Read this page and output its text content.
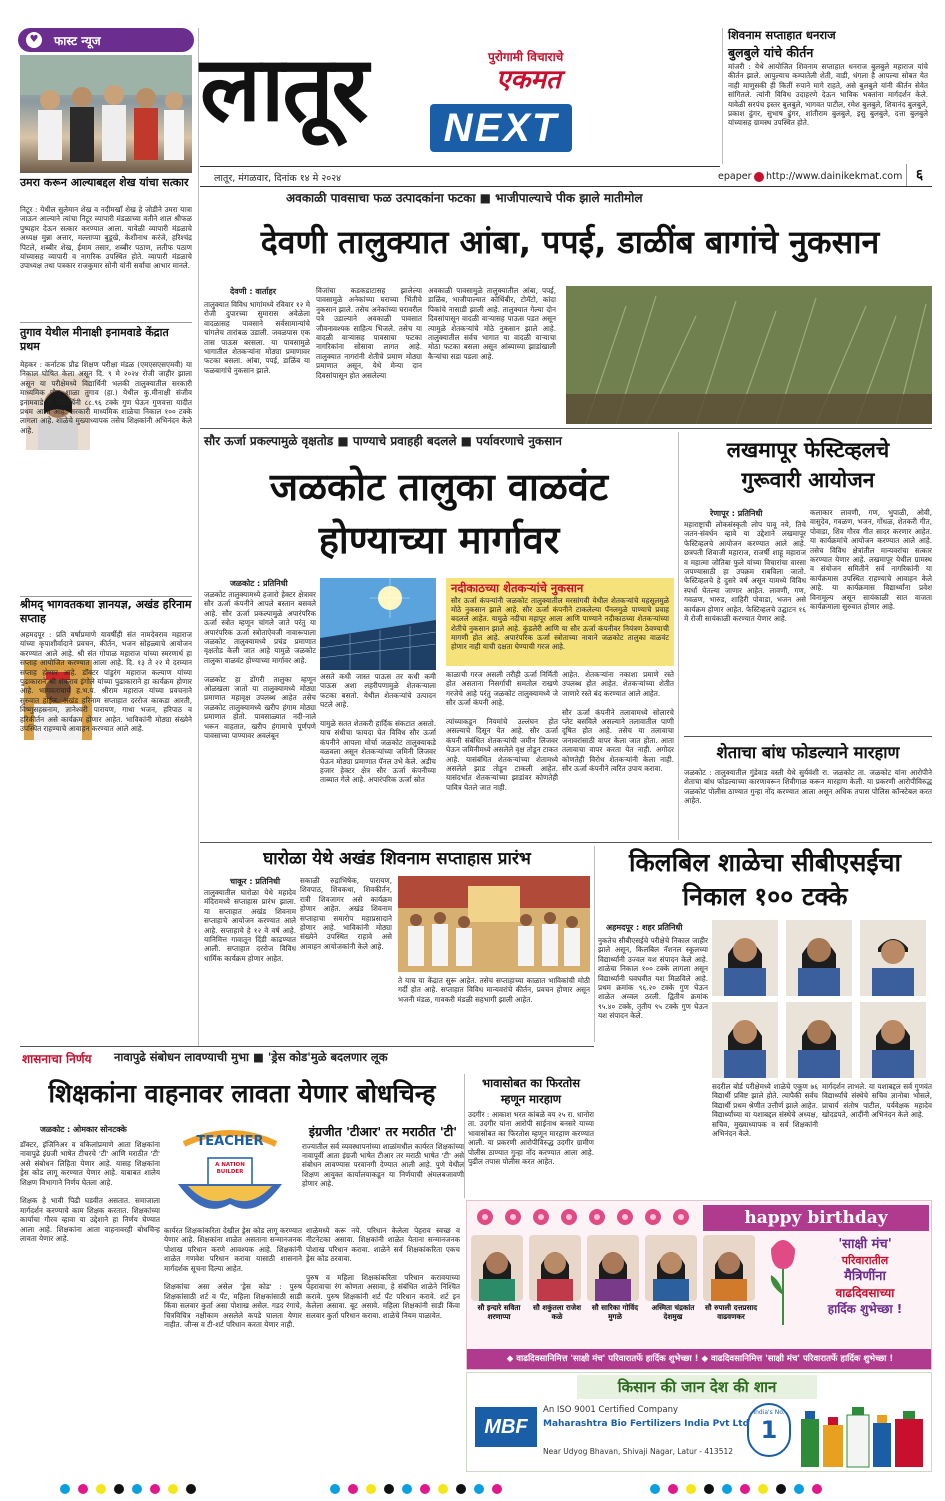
♥ फास्ट न्यूज
उमरा करून आल्याबद्दल शेख यांचा सत्कार
निटूर : येथील सुलेमान शेख व नदीमखाँ शेख हे जोडीने उमरा यात्रा जाऊन आल्याने त्यांचा निटूर व्यापारी मंडळाच्या वतीने शाल श्रीफळ पुष्पहार देऊन सत्कार करण्यात आला. यावेळी व्यापारी मंडळाचे अध्यक्ष मुन्ना अत्तार, मल्लाप्पा बुडूखे, केशीनाथ करंजे, हरिश्चंद्र पिटले, शब्बीर शेख, ईमाम तसार, शब्बीर पठाण, लतीफ पठाण यांच्यासह व्यापारी व नागरिक उपस्थित होते. व्यापारी मंडळाचे उपाध्यक्ष तथा पत्रकार राजकुमार सोनी यांनी सर्वांचा आभार मानले.
तुगाव येथील मीनाक्षी इनामवाडे केंद्रात प्रथम
मेहकर : कर्नाटक प्रौढ शिक्षण परीक्षा मंडळ (एमएसएसएमवी) या निकाल घोषित केला असून दि. ९ मे २०२४ रोजी जाहीर झाला असून या परीक्षेमध्ये विद्यार्थिनी भलकी तालुक्यातील सरकारी माध्यमिक प्रौढ शाळा तुगाव (हा.) येथील कु.मीनाक्षी संजीव इनामवाडे ही विद्यार्थिनी ८८.९६ टक्के गुण घेऊन गुणवत्ता यादीत प्रथम आली आहे. सरकारी माध्यमिक शाळेचा निकाल १०० टक्के लागला आहे. शाळेचे मुख्याध्यापक तसेच शिक्षकांनी अभिनंदन केले आहे.
श्रीमद् भागवतकथा ज्ञानयज्ञ, अखंड हरिनाम सप्ताह
अहमदपूर : प्रति वर्षाप्रमाणे यावर्षीही संत नामदेवराव महाराज यांच्या कृपाशीर्वादाने प्रवचन, कीर्तन, भजन सोहळ्याचे आयोजन करण्यात आले आहे. श्री संत गोपाळ महाराज यांच्या स्मरणार्थ हा सप्ताह आयोजित करण्यात आला आहे. दि. १३ ते २२ मे दरम्यान सप्ताह होणार आहे. डॉक्टर पांडुरंग महाराज कल्याण यांच्या पुढाकाराने श्री शंकराव इंगोले यांच्या पुढाकाराने हा कार्यक्रम होणार आहे. भागवताचार्य ह.भ.प. श्रीराम महाराज यांच्या प्रवचनाने सुरुवात होईल. अखंड हरिनाम सप्ताहात दररोज काकडा आरती, विष्णुसहस्रनाम, ज्ञानेश्वरी पारायण, गाथा भजन, हरिपाठ व हरिकीर्तन असे कार्यक्रम होणार आहेत. भाविकांनी मोठ्या संख्येने उपस्थित राहण्याचे आवाहन करण्यात आले आहे.
लातूर	पुरोगामी विचाराचे
एकमत
NEXT
लातूर, मंगळवार, दिनांक १४ मे २०२४	epaper http://www.dainikekmat.com ६
शिवनाम सप्ताहात धनराज
बुलबुले यांचे कीर्तन
मांजरी : येथे आयोजित शिवनाम सप्ताहात धनराज बुलबुले महाराज यांचे कीर्तन झाले. आपुल्याच कम्पातेली शेती, वाडी, धंगला है आपल्या सोबत येत नाही माणुसकी ही कितीं रुपाने मागे राहते, असे बुलबुले यांनी कीर्तन सेवेत सांगितले. त्यांनी विविध उदाहरणे देऊन भाविक भक्तांना मार्गदर्शन केले. यावेळी सरपंच इस्तर बुलबुले, भागवत पाटील, रमेश बुलबुले, शिवानंद बुलबुले, प्रकाश ढुंगर, सुभाष ढुंगर, शांतीराम बुलबुले, इसु बुलबुले, दत्ता बुलबुले यांच्यासह ग्रामस्थ उपस्थित होते.
अवकाळी पावसाचा फळ उत्पादकांना फटका ■ भाजीपाल्याचे पीक झाले मातीमोल
देवणी तालुक्यात आंबा, पपई, डाळींब बागांचे नुकसान
देवणी : वार्ताहर
तालुक्यात विविध भागांमध्ये रविवार १२ मे रोजी दुपारच्या सुमारास अवेळेला वादळासह पावसाने सर्वसामान्यांचे चांगलेच तारांबळ उडाली. जवळपास एक तास पाऊस बरसला. या पावसामुळे भागातील शेतकऱ्यांना मोठ्या प्रमाणावर फटका बसला. आंबा, पपई, डाळिंब या फळबागांचे नुकसान झाले.
विजांचा कडकडाटासह झालेल्या पावसामुळे अनेकांच्या घराच्या भिंतीचे नुकसान झाले. तसेच अनेकांच्या घरावरील पत्रे उडाल्याने अवकाळी पावसात जीवनावश्यक साहित्य भिजले. तसेच या वादळी वाऱ्यासह पावसाचा फटका नागरिकांना सोसावा लागत आहे. तालुक्यात नागरांनी शेतीचे प्रमाण मोठ्या प्रमाणात असून, येथे मेन्या दान दिवसांपासून होत असलेल्या
अवकाळी पावसामुळे तालुक्यातील आंबा, पपई, डाळिंब, भाजीपाल्यात कोथिंबीर, टोमॅटो, कांदा पिकांचे नासाडी झाली आहे. तालुक्यात गेल्या दोन दिवसांपासून वादळी वाऱ्यासह पाऊस पडत असून त्यामुळे शेतकऱ्यांचे मोठे नुकसान झाले आहे. तालुक्यातील सर्वच भागात या वादळी वाऱ्याचा मोठा फटका बसला असून आंब्याच्या झाडांखाली कैऱ्यांचा सडा पडला आहे.
सौर ऊर्जा प्रकल्पामुळे वृक्षतोड ■ पाण्याचे प्रवाहही बदलले ■ पर्यावरणाचे नुकसान
जळकोट तालुका वाळवंट
होण्याच्या मार्गावर
जळकोट : प्रतिनिधी
जळकोट तालुक्यामध्ये हजारो हेक्टर क्षेत्रावर सौर ऊर्जा कंपनीने आपले बस्तान बसवले आहे. सौर ऊर्जा प्रकल्पामुळे अपारंपरिक ऊर्जा स्त्रोत म्हणून चांगले जाते परंतु या अपारंपरिक ऊर्जा स्त्रोताऐवजी नावारूपाला जळकोट तालुक्यामध्ये प्रचंड प्रमाणात वृक्षतोड केली जात आहे यामुळे जळकोट तालुका वाळवंट होण्याच्या मार्गावर आहे.

जळकोट हा डोंगरी तालुका म्हणून ओळखला जातो या तालुक्यामध्ये मोठ्या प्रमाणात महावृक्ष उपलब्ध आहेत तसेच जळकोट तालुक्यामध्ये खरीप हंगाम मोठ्या प्रमाणात होतो. पावसाळ्यात नदी-नाले भरून वाहतात, खरीप हंगामाचे पूर्णपणे पावसाच्या पाण्यावर अवलंबून
असते कधी जास्त पाऊस तर कधी कमी पाऊस अशा लहरीपणामुळे शेतकऱ्याला फटका बसतो. येथील शेतकऱ्यांचे उत्पादन घटले आहे.

यामुळे सतत शेतकरी हार्दिक संकटात असतो. याच संधीचा फायदा घेत विविध सौर ऊर्जा कंपनीने आपला मोर्चा जळकोट तालुक्याकडे वळवला असून शेतकऱ्यांच्या जमिनी लिजवर घेऊन मोठ्या प्रमाणात पॅनल उभे केले. अडीच हजार हेक्टर क्षेत्र सौर ऊर्जा कंपनीच्या ताब्यात गेले आहे. अपारंपरिक ऊर्जा स्रोत
नदीकाठच्या शेतकऱ्यांचे नुकसान
सौर ऊर्जा कंपन्यांनी जळकोट तालुक्यातील मरसांगवी येथील शेतकऱ्यांचे महसूलमुळे मोठे नुकसान झाले आहे. सौर ऊर्जा कंपनीने टाकलेल्या पॅनलमुळे पाण्याचे प्रवाह बदलले आहेत. यामुळे नदीचा महापूर आला आणि पाण्याने नदीकाठच्या शेतकऱ्यांच्या शेतीचे नुकसान झाले आहे. कुंडलेरी आणि या सौर ऊर्जा कंपनीवर नियंत्रण ठेवण्याची मागणी होत आहे. अपारंपरिक ऊर्जा स्त्रोताच्या नावाने जळकोट तालुका वाळवंट होणार नाही याची दक्षता घेण्याची गरज आहे.
काळाची गरज असली तरीही ऊर्जा निर्मिती होत असताना निसर्गाची समतोल राखणे गरजेचे आहे परंतु जळकोट तालुक्यामध्ये जे सौर ऊर्जा कंपनी आहे.

त्यांच्याकडून नियमांचे उल्लंघन होत असल्याचे दिसून येत आहे. सौर ऊर्जा कंपनी संबंधित शेतकऱ्यांची जमीन लिजवर घेऊन जमिनीमध्ये असलेले वृक्ष तोडून टाकत आहे. यासंबंधित शेतकऱ्यांच्या शेतामध्ये असलेले झाड तोडून टाकली आहेत. यासंदर्भात शेतकऱ्यांच्या झाडांवर कोणतेही पावित्र घेतले जात नाही.
आहेत. शेतकऱ्यांना नकाशा प्रमाणे रस्ते उपलब्ध होत आहेत. शेतकऱ्यांच्या शेतीत जाणारे रस्ते बंद करण्यात आले आहेत.

सौर ऊर्जा कंपनीने तलावामध्ये सोलारचे प्लेट बसविले असल्याने तलावातील पाणी दूषित होत आहे. तसेच या तलावाचा जनावरांसाठी वापर केला जात होता. आता तलावाचा वापर करता येत नाही. अगोदर कोणतेही विरोध शेतकऱ्यांनी केला नाही. सौर ऊर्जा कंपनीने त्वरित उपाय करावा.
लखमापूर फेस्टिव्हलचे
गुरूवारी आयोजन
रेणापूर : प्रतिनिधी
महाराष्ट्राची लोकसंस्कृती लोप पावू नये, तिचे जतन-संवर्धन व्हावे या उद्देशाने लखमापूर फेस्टिव्हलचे आयोजन करण्यात आले आहे. छत्रपती शिवाजी महाराज, राजर्षी शाहू महाराज व महात्मा जोतिबा फुले यांच्या विचारांचा वारसा जपण्यासाठी हा उपक्रम राबविला जातो. फेस्टिव्हलचे हे दुसरे वर्ष असून यामध्ये विविध स्पर्धा घेतल्या जाणार आहेत. लावणी, गण, गवळण, भारुड, शाहिरी पोवाडा, भजन असे कार्यक्रम होणार आहेत. फेस्टिव्हलचे उद्घाटन १६ मे रोजी सायंकाळी करण्यात येणार आहे.
कलाकार लावणी, गण, भुपाळी, ओवी, वासुदेव, गवळण, भजन, गोंधळ, शेतकरी गीत, पोवाडा, शिव गौरव गीत सादर करणार आहेत. या कार्यक्रमांचे आयोजन करण्यात आले आहे. तसेच विविध क्षेत्रांतील मान्यवरांचा सत्कार करण्यात येणार आहे. लखमापूर येथील ग्रामस्थ व संयोजन समितीने सर्व नागरिकांनी या कार्यक्रमास उपस्थित राहण्याचे आवाहन केले आहे. या कार्यक्रमास विद्यार्थ्यांना प्रवेश विनामूल्य असून सायंकाळी सात वाजता कार्यक्रमाला सुरुवात होणार आहे.
शेताचा बांध फोडल्याने मारहाण
जळकोट : तालुक्यातील गुंडेवाड वस्ती येथे सुर्यवंशी रा. जळकोट ता. जळकोट यांना आरोपीने शेताचा बांध फोडल्याच्या कारणावरून शिवीगाळ करून मारहाण केली. या प्रकरणी आरोपीविरुद्ध जळकोट पोलीस ठाण्यात गुन्हा नोंद करण्यात आला असून अधिक तपास पोलिस कॉन्स्टेबल करत आहेत.
घारोळा येथे अखंड शिवनाम सप्ताहास प्रारंभ
चाकूर : प्रतिनिधी
तालुक्यातील घारोळा येथे महादेव मंदिरामध्ये सप्ताहास प्रारंभ झाला. या सप्ताहात अखंड शिवनाम सप्ताहाचे आयोजन करण्यात आले आहे. सप्ताहाचे हे १२ वे वर्ष आहे. यानिमित्त गावातून दिंडी काढण्यात आली. सप्ताहात दररोज विविध धार्मिक कार्यक्रम होणार आहेत.
सकाळी रुद्राभिषेक, पारायण, शिवपाठ, शिवकथा, शिवकीर्तन, रात्री शिवजागर असे कार्यक्रम होणार आहेत. अखंड शिवनाम सप्ताहाचा समारोप महाप्रसादाने होणार आहे. भाविकांनी मोठ्या संख्येने उपस्थित राहावे असे आवाहन आयोजकांनी केले आहे.
ते याच या केंद्रात सुरू आहेत. तसेच सप्ताहाच्या काळात भाविकांची मोठी गर्दी होत आहे. सप्ताहात विविध मान्यवरांचे कीर्तन, प्रवचन होणार असून भजनी मंडळ, गावकरी मंडळी सहभागी झाली आहेत.
किलबिल शाळेचा सीबीएसईचा
निकाल १०० टक्के
अहमदपूर : शहर प्रतिनिधी
नुकतेच सीबीएसईचे परीक्षेचे निकाल जाहीर झाले असून, किलबिल नॅशनल स्कूलच्या विद्यार्थ्यांनी उज्वल यश संपादन केले आहे. शाळेचा निकाल १०० टक्के लागला असून विद्यार्थ्यांनी घवघवीत यश मिळविले आहे. प्रथम क्रमांक ९६.२० टक्के गुण घेऊन शाळेत अव्वल ठरली. द्वितीय क्रमांक ९५.४० टक्के, तृतीय ९५ टक्के गुण घेऊन यश संपादन केले.
सदरील बोर्ड परीक्षेमध्ये शाळेचे एकूण ७६ विद्यार्थी प्रविष्ट झाले होते. त्यापैकी सर्वच विद्यार्थी प्रथम श्रेणीत उत्तीर्ण झाले आहेत. विद्यार्थ्यांच्या या यशाबद्दल संस्थेचे अध्यक्ष, सचिव, मुख्याध्यापक व सर्व शिक्षकांनी अभिनंदन केले.
मार्गदर्शन लाभले. या यशाबद्दल सर्व गुणवंत विद्यार्थ्यांचे संस्थेचे सचिव ज्ञानोबा भोसले, प्राचार्य संतोष पाटील, पर्यवेक्षक महादेव खोदडपते, आदींनी अभिनंदन केले आहे.
शासनाचा निर्णय नावापुढे संबोधन लावण्याची मुभा ■ 'ड्रेस कोड'मुळे बदलणार लूक
शिक्षकांना वाहनावर लावता येणार बोधचिन्ह
जळकोट : ओमकार सोनटक्के
डॉक्टर, इंजिनिअर व वकिलांप्रमाणे आता शिक्षकांना नावापुढे इंग्रजी भाषेत टीचरचे 'टी' आणि मराठीत 'टी' असे संबोधन लिहिता येणार आहे. यासह शिक्षकांना ड्रेस कोड लागू करण्यात येणार आहे. याबाबत शालेय शिक्षण विभागाने निर्णय घेतला आहे.

शिक्षक हे भावी पिढी घडवीत असतात. समाजाला मार्गदर्शन करण्याचे काम शिक्षक करतात. शिक्षकांच्या कार्याचा गौरव व्हावा या उद्देशाने हा निर्णय घेण्यात आला आहे. शिक्षकांना आता वाहनावरही बोधचिन्ह लावता येणार आहे.
TEACHER
A NATION BUILDER
इंग्रजीत 'टीआर' तर मराठीत 'टी'
राज्यातील सर्व व्यवस्थापनांच्या शाळांमधील कार्यरत शिक्षकांच्या नावापूर्वी आता इंग्रजी भाषेत टीआर तर मराठी भाषेत 'टी' असे संबोधन लावण्यास परवानगी देण्यात आली आहे. पुणे येथील शिक्षण आयुक्त कार्यालयाकडून या निर्णयाची अंमलबजावणी होणार आहे.
कार्यरत शिक्षकांकरिता देखील ड्रेस कोड लागू करण्यात येणार आहे. शिक्षकांना शाळेत असताना सन्मानजनक पोशाख परिधान करणे आवश्यक आहे. शिक्षकांनी शाळेत गणवेश परिधान करावा यासाठी शासनाने मार्गदर्शक सूचना दिल्या आहेत.

शिक्षकांचा असा असेल 'ड्रेस कोड' : पुरुष शिक्षकांसाठी शर्ट व पँट, महिला शिक्षकांसाठी साडी किंवा सलवार कुर्ता असा पोशाख असेल. गडद रंगाचे, चित्रविचित्र नक्षीकाम असलेले कपडे घालता येणार नाहीत. जीन्स व टी-शर्ट परिधान करता येणार नाही.
शाळेमध्ये करू नये. परिधान केलेला पेहराव स्वच्छ व नीटनेटका असावा. शिक्षकांनी शाळेत येताना सन्मानजनक पोशाख परिधान करावा. शाळेने सर्व शिक्षकांकरिता एकच ड्रेस कोड ठरवावा.

पुरुष व महिला शिक्षकांकरिता परिधान करावयाच्या पेहरावाचा रंग कोणता असावा, हे संबंधित शाळेने निश्चित करावे. पुरुष शिक्षकांनी शर्ट पँट परिधान करावे. शर्ट इन केलेला असावा. बूट असावे. महिला शिक्षकांनी साडी किंवा सलवार कुर्ता परिधान करावा. शाळेचे नियम पाळावेत.
भावासोबत का फिरतोस
म्हणून मारहाण
उदगीर : आकाश भरत कांबळे वय २५ रा. धानोरा ता. उदगीर यांना आरोपी साईनाथ बनसरे याच्या भावासोबत का फिरतोस म्हणून मारहाण करण्यात आली. या प्रकरणी आरोपीविरुद्ध उदगीर ग्रामीण पोलीस ठाण्यात गुन्हा नोंद करण्यात आला आहे. पुढील तपास पोलीस करत आहेत.
happy birthday
सौ इन्दारे सविता शरणाप्पा
सौ शकुंतला राजेश कळे
सौ सारिका गोविंद मुगळे
अस्मिता चंद्रकांत देशमुख
सौ रुपाली दत्तप्रसाद वाढवणकर
'साक्षी मंच'
परिवारातील
मैत्रिणींना
वाढदिवसाच्या
हार्दिक शुभेच्छा !
◆ वाढदिवसानिमित्त 'साक्षी मंच' परिवारातर्फे हार्दिक शुभेच्छा ! ◆ वाढदिवसानिमित्त 'साक्षी मंच' परिवारातर्फे हार्दिक शुभेच्छा !
किसान की जान देश की शान
MBF
An ISO 9001 Certified Company
Maharashtra Bio Fertilizers India Pvt Ltd
Near Udyog Bhavan, Shivaji Nagar, Latur - 413512
India's No.
1
